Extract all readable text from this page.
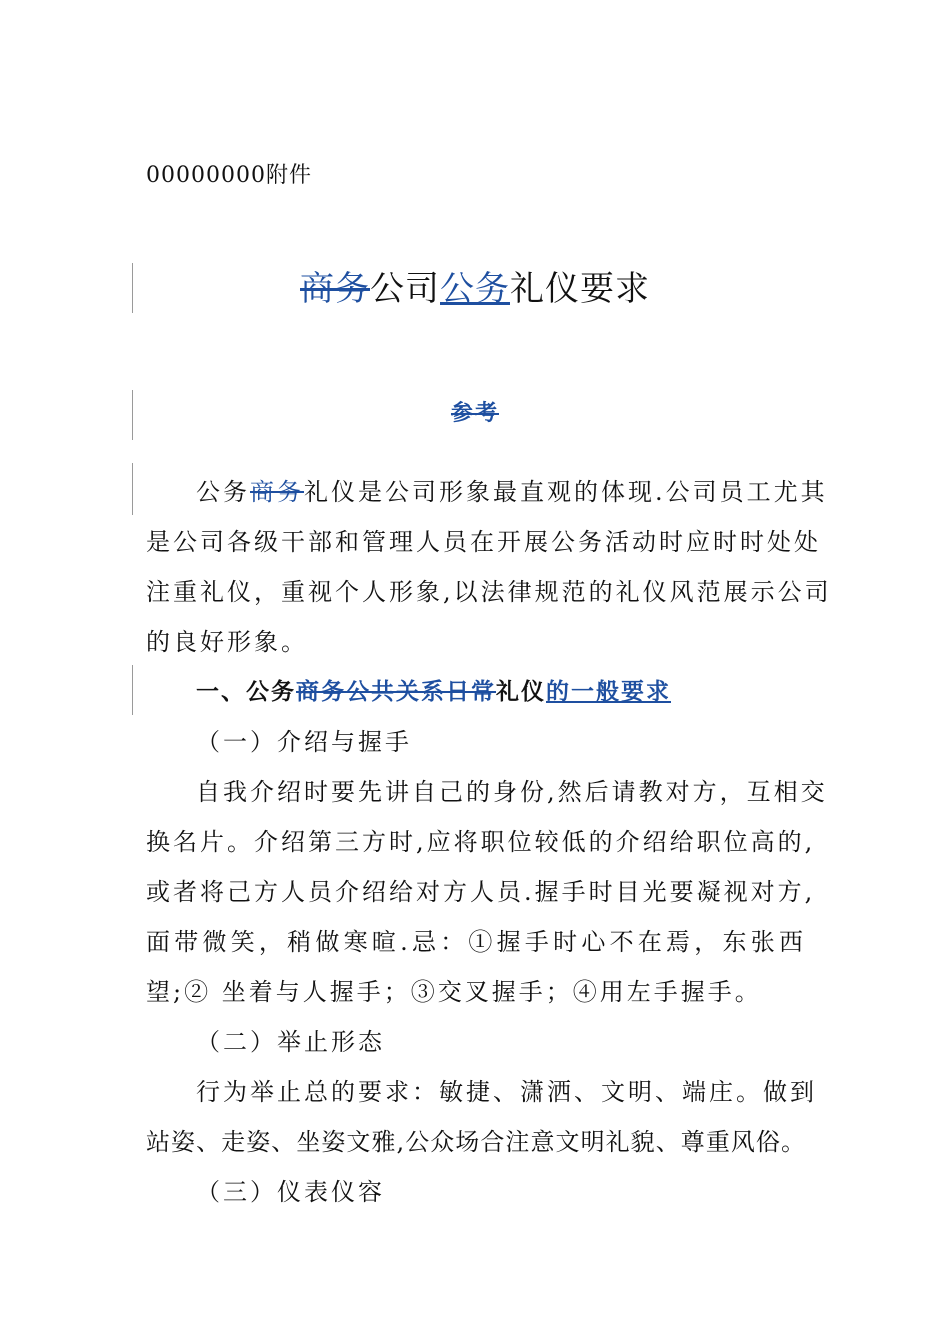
00000000附件
商务公司公务礼仪要求
参考
公务商务礼仪是公司形象最直观的体现.公司员工尤其
是公司各级干部和管理人员在开展公务活动时应时时处处
注重礼仪，重视个人形象,以法律规范的礼仪风范展示公司
的良好形象。
一、公务商务公共关系日常礼仪的一般要求
（一）介绍与握手
自我介绍时要先讲自己的身份,然后请教对方，互相交
换名片。介绍第三方时,应将职位较低的介绍给职位高的,
或者将己方人员介绍给对方人员.握手时目光要凝视对方,
面带微笑，稍做寒暄.忌：①握手时心不在焉，东张西
望;② 坐着与人握手；③交叉握手；④用左手握手。
（二）举止形态
行为举止总的要求：敏捷、潇洒、文明、端庄。做到
站姿、走姿、坐姿文雅,公众场合注意文明礼貌、尊重风俗。
（三）仪表仪容
